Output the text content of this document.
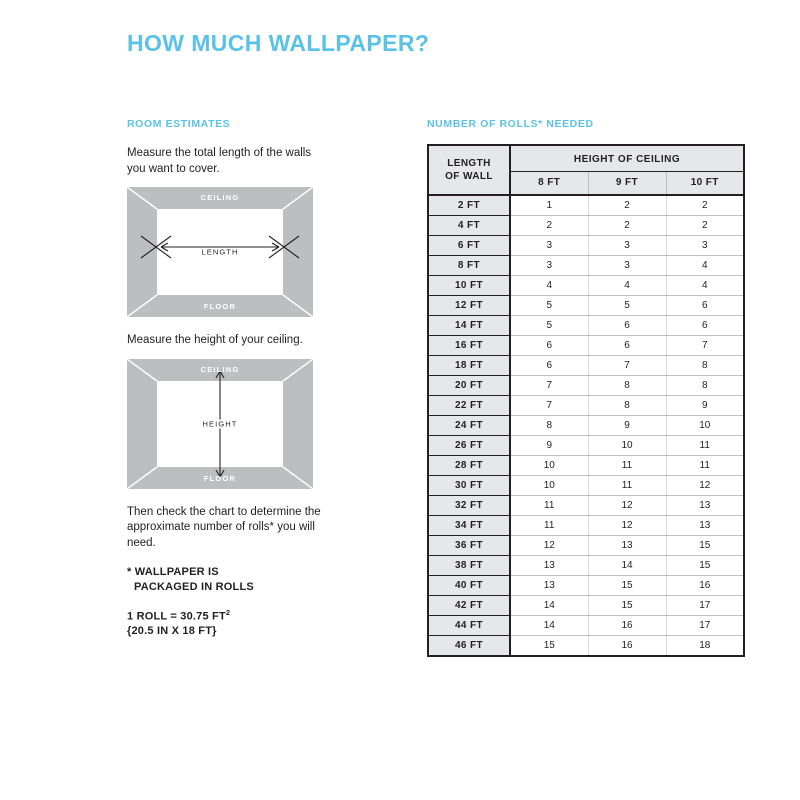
HOW MUCH WALLPAPER?
ROOM ESTIMATES

Measure the total length of the walls you want to cover.

CEILING
FLOOR
LENGTH

Measure the height of your ceiling.

CEILING
FLOOR
HEIGHT

Then check the chart to determine the approximate number of rolls* you will need.

* WALLPAPER IS
PACKAGED IN ROLLS
1 ROLL = 30.75 $FT^2$
{20.5 IN X 18 FT}
NUMBER OF ROLLS* NEEDED
LENGTH
OF WALL	HEIGHT OF CEILING		
	8 FT	9 FT	10 FT
2 FT	1	2	2
4 FT	2	2	2
6 FT	3	3	3
8 FT	3	3	4
10 FT	4	4	4
12 FT	5	5	6
14 FT	5	6	6
16 FT	6	6	7
18 FT	6	7	8
20 FT	7	8	8
22 FT	7	8	9
24 FT	8	9	10
26 FT	9	10	11
28 FT	10	11	11
30 FT	10	11	12
32 FT	11	12	13
34 FT	11	12	13
36 FT	12	13	15
38 FT	13	14	15
40 FT	13	15	16
42 FT	14	15	17
44 FT	14	16	17
46 FT	15	16	18
